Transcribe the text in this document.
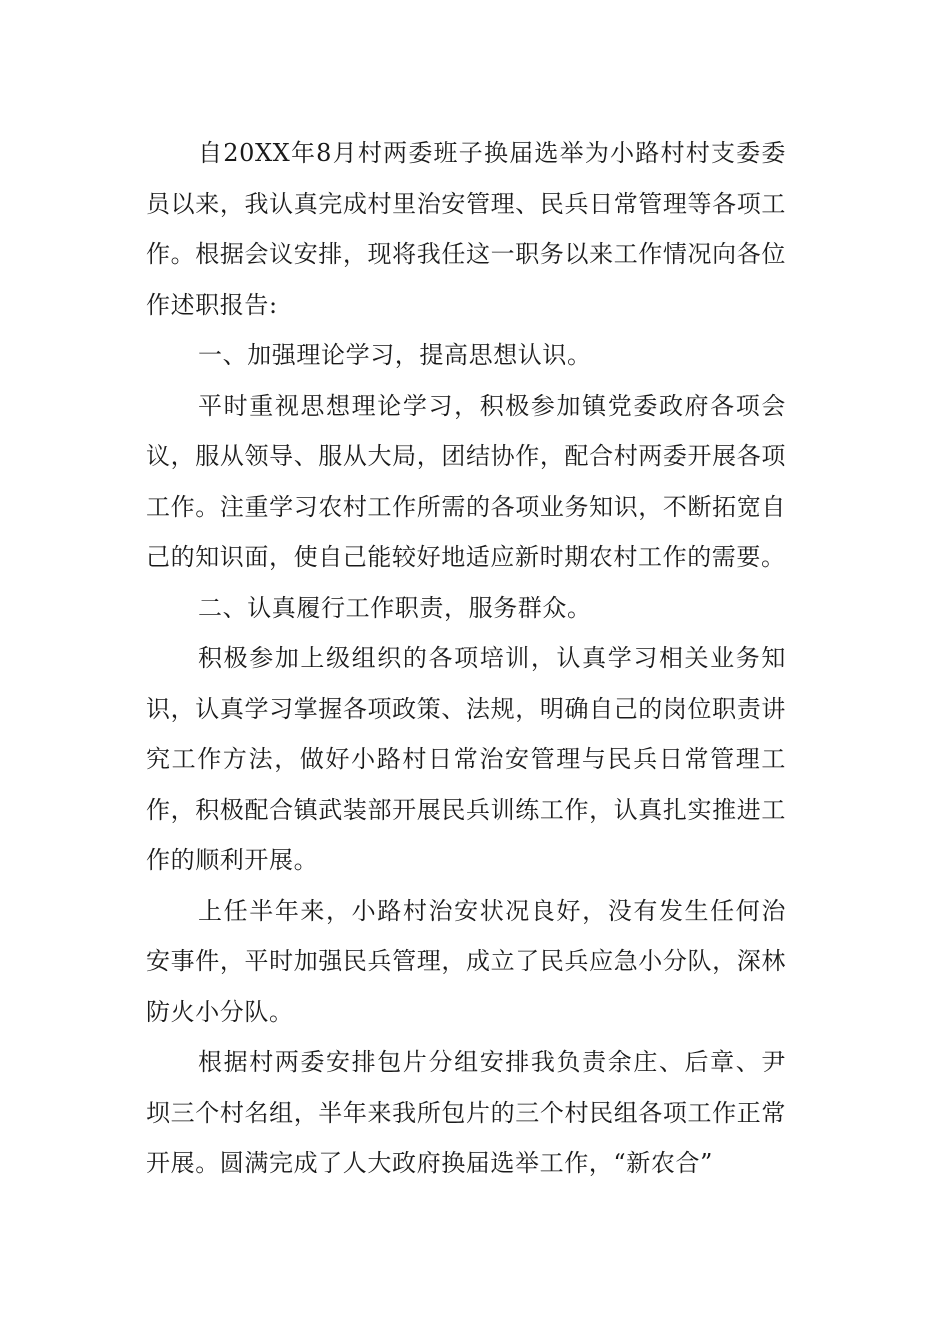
自20XX年8月村两委班子换届选举为小路村村支委委员以来，我认真完成村里治安管理、民兵日常管理等各项工作。根据会议安排，现将我任这一职务以来工作情况向各位作述职报告:

一、加强理论学习，提高思想认识。

平时重视思想理论学习，积极参加镇党委政府各项会议，服从领导、服从大局，团结协作，配合村两委开展各项工作。注重学习农村工作所需的各项业务知识，不断拓宽自己的知识面，使自己能较好地适应新时期农村工作的需要。

二、认真履行工作职责，服务群众。

积极参加上级组织的各项培训，认真学习相关业务知识，认真学习掌握各项政策、法规，明确自己的岗位职责讲究工作方法，做好小路村日常治安管理与民兵日常管理工作，积极配合镇武装部开展民兵训练工作，认真扎实推进工作的顺利开展。

上任半年来，小路村治安状况良好，没有发生任何治安事件，平时加强民兵管理，成立了民兵应急小分队，深林防火小分队。

根据村两委安排包片分组安排我负责余庄、后章、尹坝三个村名组，半年来我所包片的三个村民组各项工作正常开展。圆满完成了人大政府换届选举工作，“新农合”
